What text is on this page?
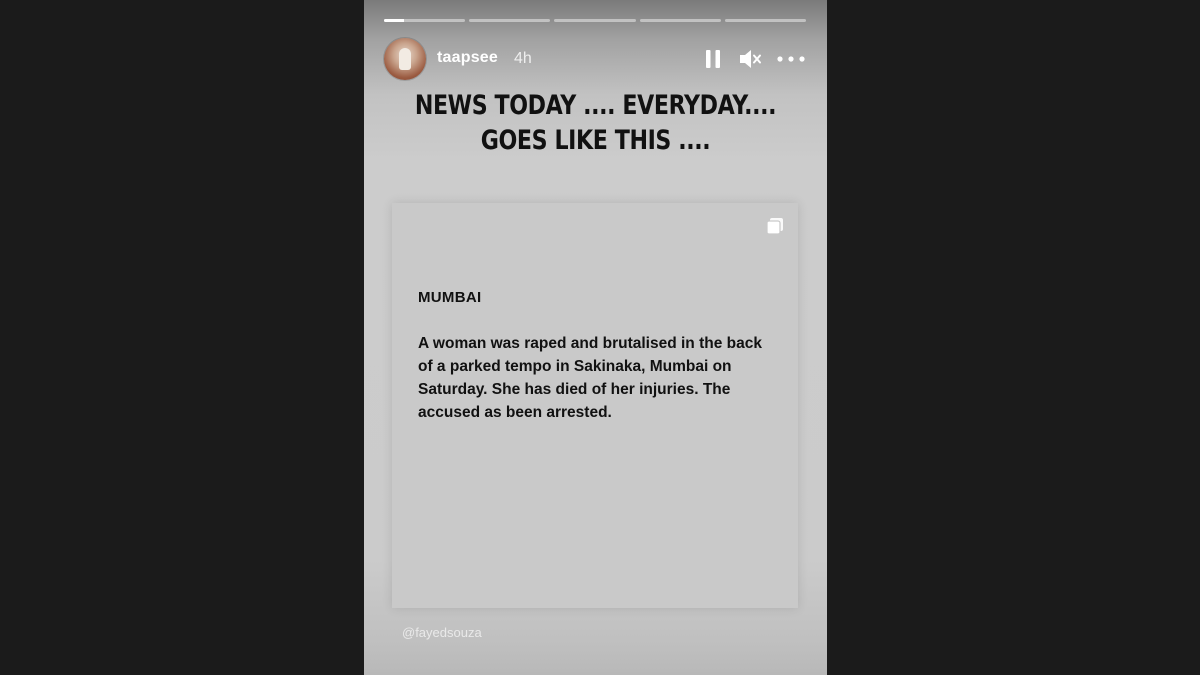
taapsee 4h
NEWS TODAY .... EVERYDAY....
GOES LIKE THIS ....
MUMBAI
A woman was raped and brutalised in the back of a parked tempo in Sakinaka, Mumbai on Saturday. She has died of her injuries. The accused as been arrested.
@fayedsouza
